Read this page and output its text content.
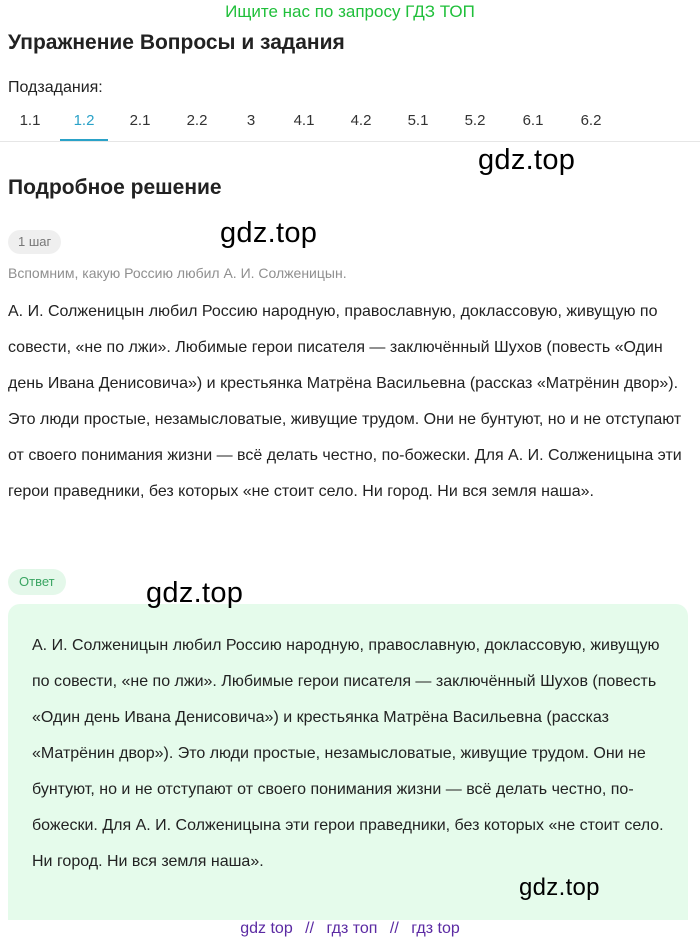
Ищите нас по запросу ГДЗ ТОП
Упражнение Вопросы и задания
Подзадания:
1.1	1.2	2.1	2.2	3	4.1	4.2	5.1	5.2	6.1	6.2
gdz.top
Подробное решение
gdz.top
1 шаг
Вспомним, какую Россию любил А. И. Солженицын.

А. И. Солженицын любил Россию народную, православную, доклассовую, живущую по совести, «не по лжи». Любимые герои писателя — заключённый Шухов (повесть «Один день Ивана Денисовича») и крестьянка Матрёна Васильевна (рассказ «Матрёнин двор»). Это люди простые, незамысловатые, живущие трудом. Они не бунтуют, но и не отступают от своего понимания жизни — всё делать честно, по-божески. Для А. И. Солженицына эти герои праведники, без которых «не стоит село. Ни город. Ни вся земля наша».

Ответ

А. И. Солженицын любил Россию народную, православную, доклассовую, живущую по совести, «не по лжи». Любимые герои писателя — заключённый Шухов (повесть «Один день Ивана Денисовича») и крестьянка Матрёна Васильевна (рассказ «Матрёнин двор»). Это люди простые, незамысловатые, живущие трудом. Они не бунтуют, но и не отступают от своего понимания жизни — всё делать честно, по-божески. Для А. И. Солженицына эти герои праведники, без которых «не стоит село. Ни город. Ни вся земля наша».

gdz.top
gdz.top
gdz top // гдз топ // гдз top
